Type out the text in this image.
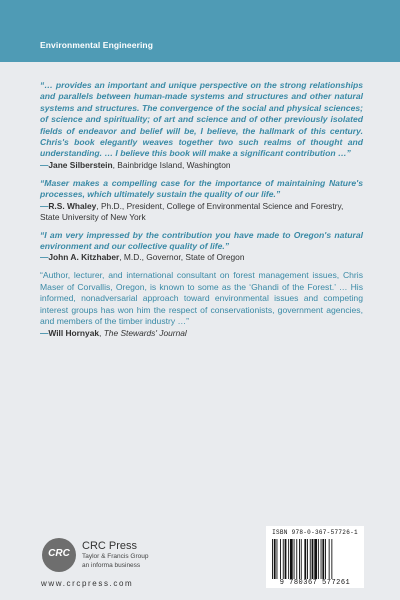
Environmental Engineering

“… provides an important and unique perspective on the strong relationships and parallels between human-made systems and structures and other natural systems and structures. The convergence of the social and physical sciences; of science and spirituality; of art and science and of other previously isolated fields of endeavor and belief will be, I believe, the hallmark of this century. Chris's book elegantly weaves together two such realms of thought and understanding. … I believe this book will make a significant contribution …”

—Jane Silberstein, Bainbridge Island, Washington

“Maser makes a compelling case for the importance of maintaining Nature's processes, which ultimately sustain the quality of our life.”

—R.S. Whaley, Ph.D., President, College of Environmental Science and Forestry, State University of New York

“I am very impressed by the contribution you have made to Oregon's natural environment and our collective quality of life.”

—John A. Kitzhaber, M.D., Governor, State of Oregon

“Author, lecturer, and international consultant on forest management issues, Chris Maser of Corvallis, Oregon, is known to some as the ‘Ghandi of the Forest.’ … His informed, nonadversarial approach toward environmental issues and competing interest groups has won him the respect of conservationists, government agencies, and members of the timber industry …”

—Will Hornyak, The Stewards' Journal
CRC
CRC Press
Taylor & Francis Group
an informa business
www.crcpress.com
ISBN 978-0-367-57726-1
9 780367 577261
